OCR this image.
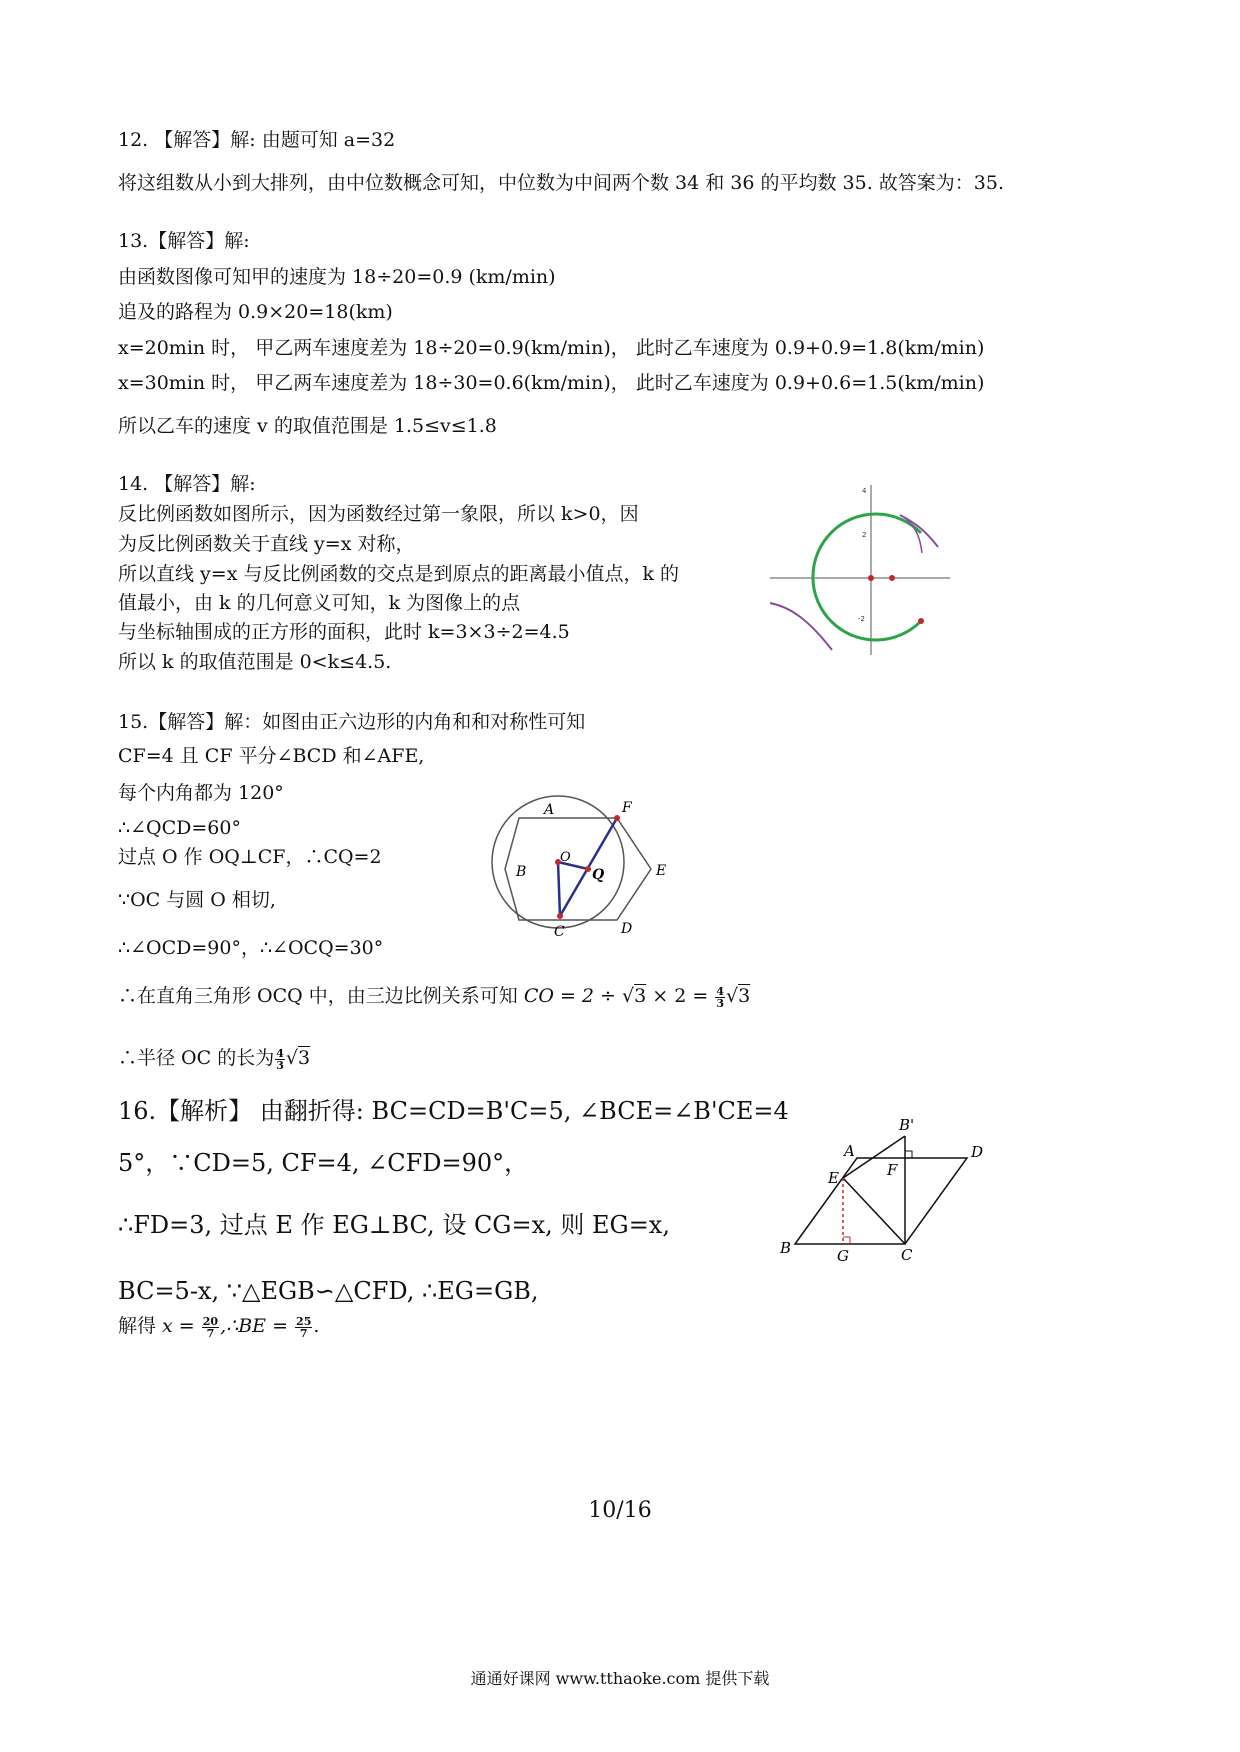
12. 【解答】解: 由题可知 a=32
将这组数从小到大排列，由中位数概念可知，中位数为中间两个数 34 和 36 的平均数 35. 故答案为：35.
13.【解答】解:
由函数图像可知甲的速度为 18÷20=0.9 (km/min)
追及的路程为 0.9×20=18(km)
x=20min 时， 甲乙两车速度差为 18÷20=0.9(km/min)， 此时乙车速度为 0.9+0.9=1.8(km/min)
x=30min 时， 甲乙两车速度差为 18÷30=0.6(km/min)， 此时乙车速度为 0.9+0.6=1.5(km/min)
所以乙车的速度 v 的取值范围是 1.5≤v≤1.8
14. 【解答】解:
反比例函数如图所示，因为函数经过第一象限，所以 k>0，因
为反比例函数关于直线 y=x 对称，
所以直线 y=x 与反比例函数的交点是到原点的距离最小值点，k 的
值最小，由 k 的几何意义可知，k 为图像上的点
与坐标轴围成的正方形的面积，此时 k=3×3÷2=4.5
所以 k 的取值范围是 0<k≤4.5.
4
2
-2
15.【解答】解：如图由正六边形的内角和和对称性可知
CF=4 且 CF 平分∠BCD 和∠AFE,
每个内角都为 120°
∴∠QCD=60°
过点 O 作 OQ⊥CF，∴CQ=2
∵OC 与圆 O 相切,
∴∠OCD=90°，∴∠OCQ=30°
∴在直角三角形 OCQ 中，由三边比例关系可知 CO = $2 \div √3 \times 2 = \frac{4}{3} √3$
∴半径 OC 的长为 $\frac{4}{3} √3$
A	F
B	E
C	D
O
Q
16.【解析】 由翻折得: BC=CD=B'C=5, ∠BCE=∠B'CE=4
5°，∵CD=5, CF=4, ∠CFD=90°，
∴FD=3, 过点 E 作 EG⊥BC, 设 CG=x, 则 EG=x,
BC=5-x, ∵△EGB∽△CFD, ∴EG=GB,
解得 $x = \frac{20}{7}$ ,∴BE = $\frac{25}{7}$ .
B'
A	D
F
E
B	G	C
10/16
通通好课网 www.tthaoke.com 提供下载
